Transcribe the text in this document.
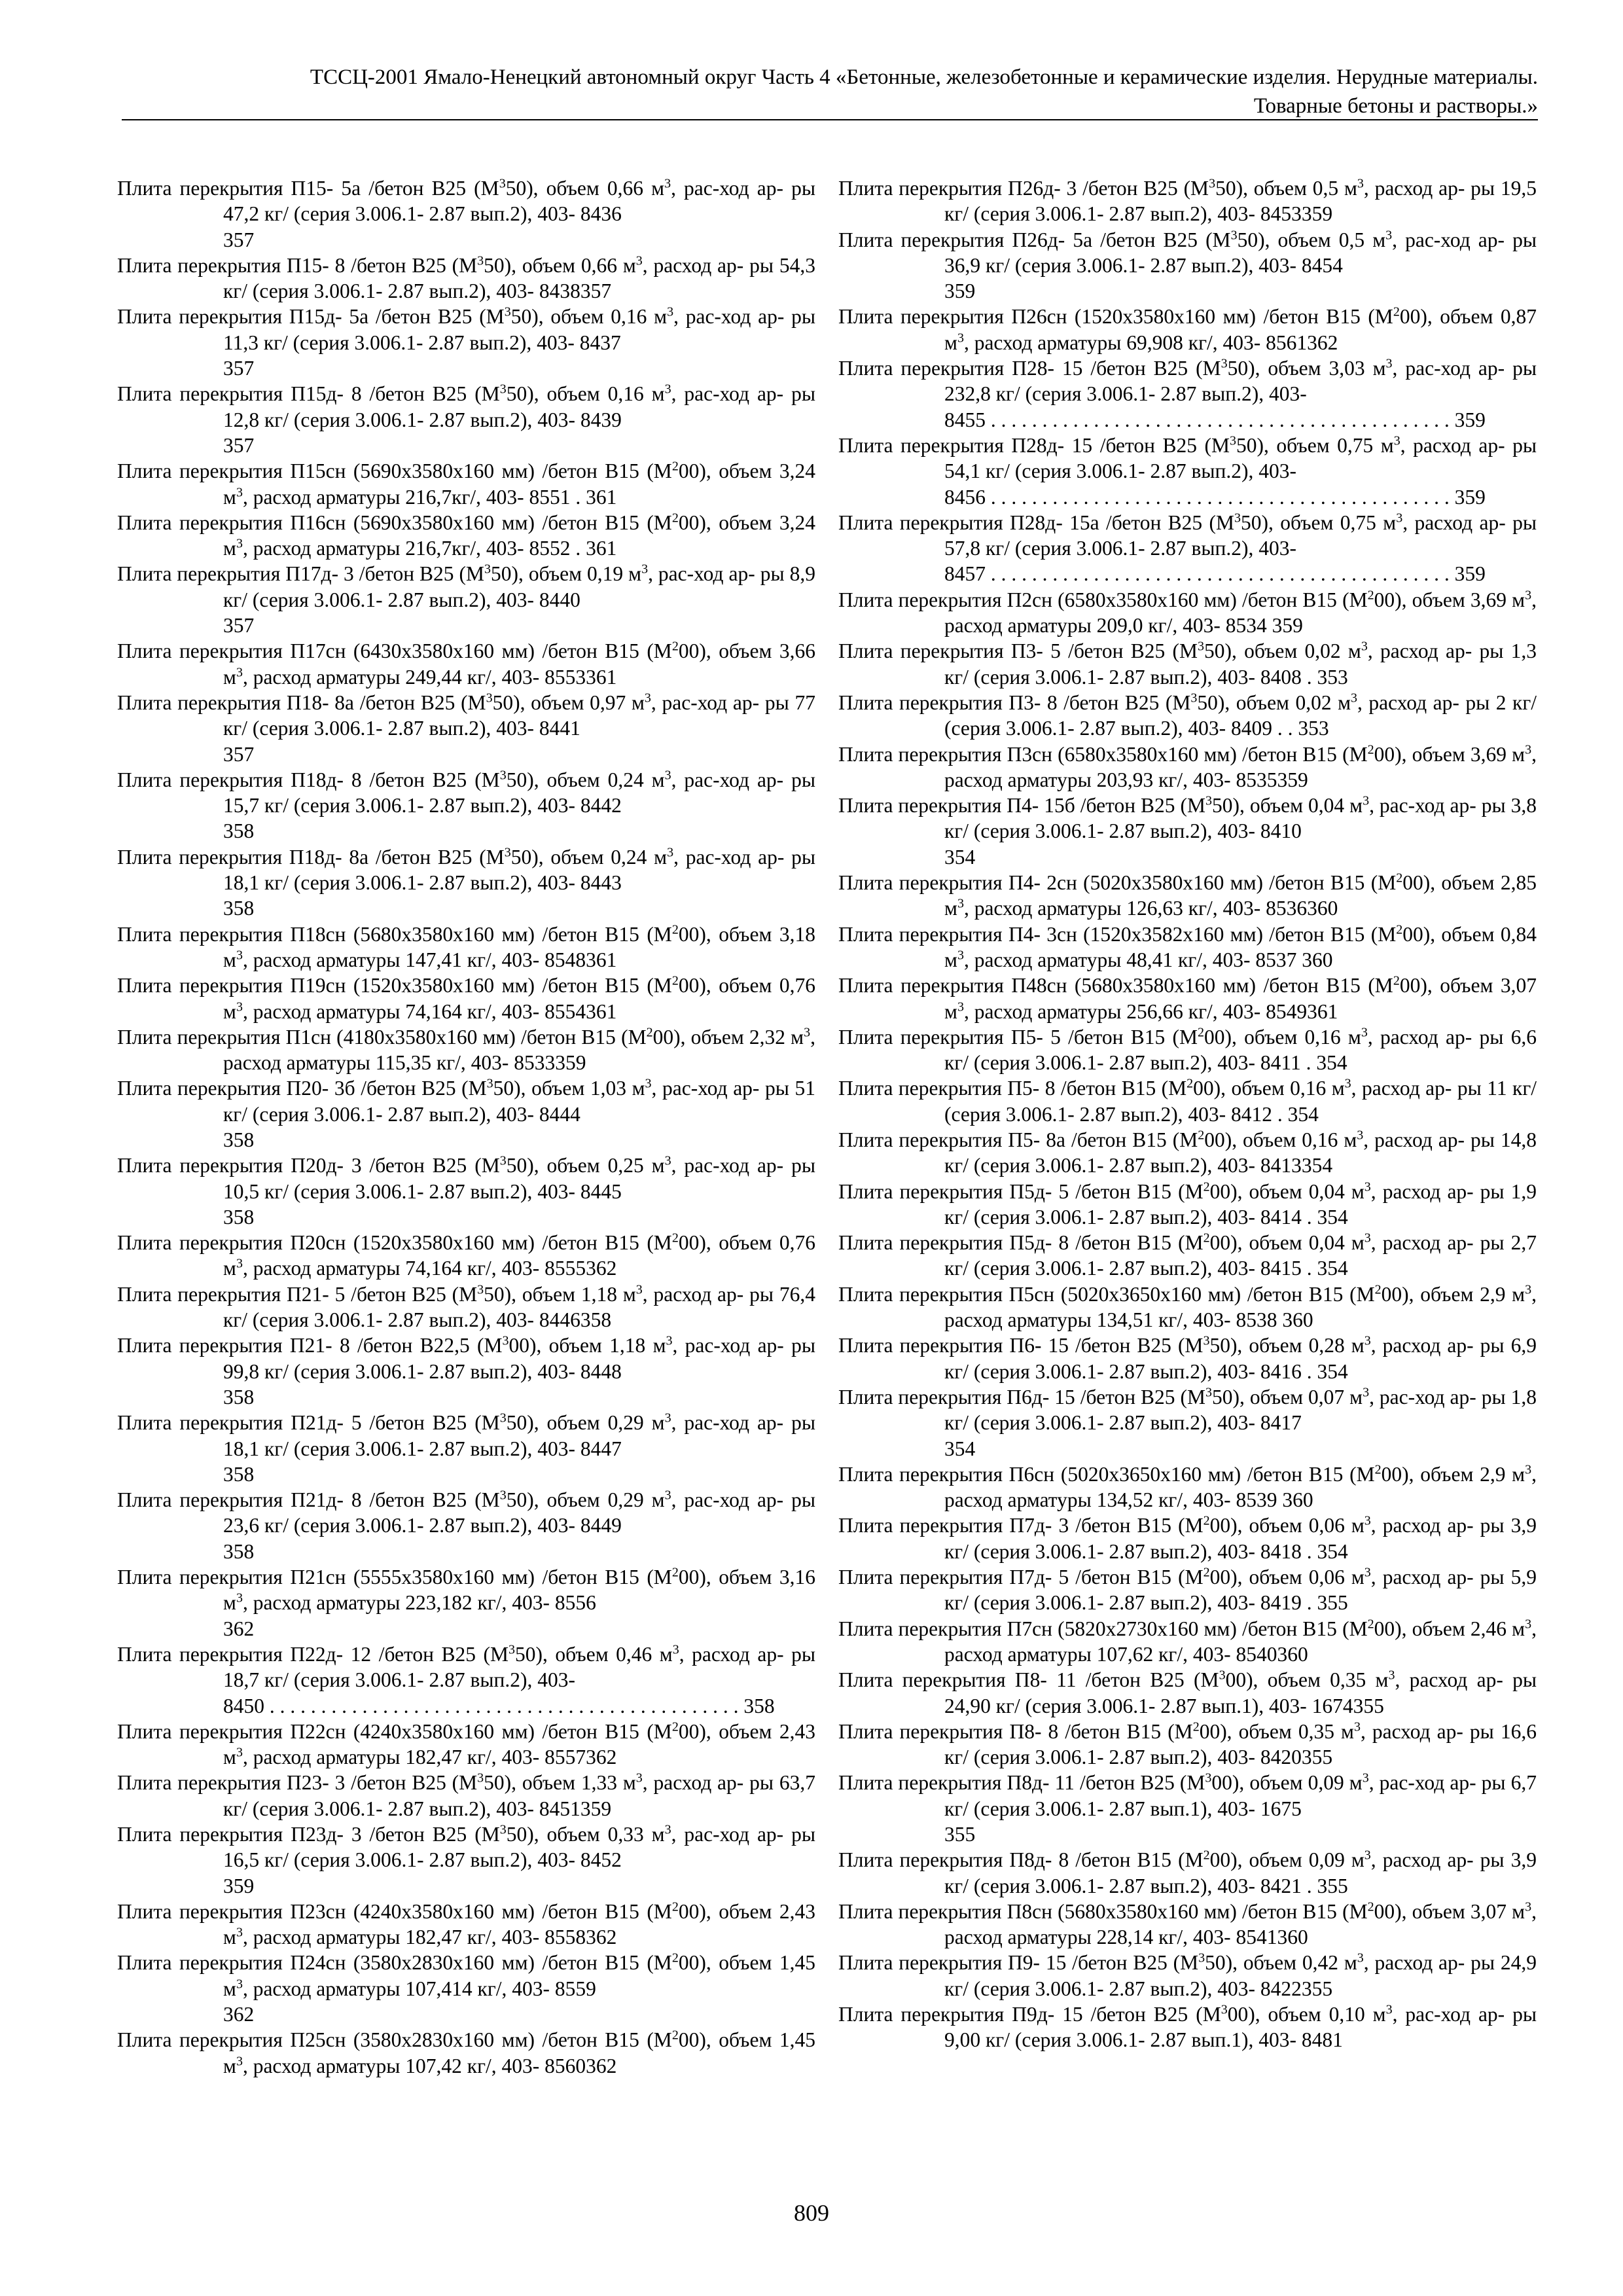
ТССЦ-2001 Ямало-Ненецкий автономный округ Часть 4 «Бетонные, железобетонные и керамические изделия. Нерудные материалы.
Товарные бетоны и растворы.»
Плита перекрытия П15- 5а /бетон В25 $(М^350)$, объем 0,66 $м^3$, рас-ход ар- ры 47,2 кг/ (серия 3.006.1- 2.87 вып.2), 403- 8436
357
Плита перекрытия П15- 8 /бетон В25 $(М^350)$, объем 0,66 $м^3$, расход ар- ры 54,3 кг/ (серия 3.006.1- 2.87 вып.2), 403- 8438357
Плита перекрытия П15д- 5а /бетон В25 $(М^350)$, объем 0,16 $м^3$, рас-ход ар- ры 11,3 кг/ (серия 3.006.1- 2.87 вып.2), 403- 8437
357
Плита перекрытия П15д- 8 /бетон В25 $(М^350)$, объем 0,16 $м^3$, рас-ход ар- ры 12,8 кг/ (серия 3.006.1- 2.87 вып.2), 403- 8439
357
Плита перекрытия П15сн (5690x3580x160 мм) /бетон В15 $(М^200)$, объем 3,24 $м^3$, расход арматуры 216,7кг/, 403- 8551 . 361
Плита перекрытия П16сн (5690x3580x160 мм) /бетон В15 $(М^200)$, объем 3,24 $м^3$, расход арматуры 216,7кг/, 403- 8552 . 361
Плита перекрытия П17д- 3 /бетон В25 $(М^350)$, объем 0,19 $м^3$, рас-ход ар- ры 8,9 кг/ (серия 3.006.1- 2.87 вып.2), 403- 8440
357
Плита перекрытия П17сн (6430x3580x160 мм) /бетон В15 $(М^200)$, объем 3,66 $м^3$, расход арматуры 249,44 кг/, 403- 8553361
Плита перекрытия П18- 8а /бетон В25 $(М^350)$, объем 0,97 $м^3$, рас-ход ар- ры 77 кг/ (серия 3.006.1- 2.87 вып.2), 403- 8441
357
Плита перекрытия П18д- 8 /бетон В25 $(М^350)$, объем 0,24 $м^3$, рас-ход ар- ры 15,7 кг/ (серия 3.006.1- 2.87 вып.2), 403- 8442
358
Плита перекрытия П18д- 8а /бетон В25 $(М^350)$, объем 0,24 $м^3$, рас-ход ар- ры 18,1 кг/ (серия 3.006.1- 2.87 вып.2), 403- 8443
358
Плита перекрытия П18сн (5680x3580x160 мм) /бетон В15 $(М^200)$, объем 3,18 $м^3$, расход арматуры 147,41 кг/, 403- 8548361
Плита перекрытия П19сн (1520x3580x160 мм) /бетон В15 $(М^200)$, объем 0,76 $м^3$, расход арматуры 74,164 кг/, 403- 8554361
Плита перекрытия П1сн (4180x3580x160 мм) /бетон В15 $(М^200)$, объем 2,32 $м^3$, расход арматуры 115,35 кг/, 403- 8533359
Плита перекрытия П20- 3б /бетон В25 $(М^350)$, объем 1,03 $м^3$, рас-ход ар- ры 51 кг/ (серия 3.006.1- 2.87 вып.2), 403- 8444
358
Плита перекрытия П20д- 3 /бетон В25 $(М^350)$, объем 0,25 $м^3$, рас-ход ар- ры 10,5 кг/ (серия 3.006.1- 2.87 вып.2), 403- 8445
358
Плита перекрытия П20сн (1520x3580x160 мм) /бетон В15 $(М^200)$, объем 0,76 $м^3$, расход арматуры 74,164 кг/, 403- 8555362
Плита перекрытия П21- 5 /бетон В25 $(М^350)$, объем 1,18 $м^3$, расход ар- ры 76,4 кг/ (серия 3.006.1- 2.87 вып.2), 403- 8446358
Плита перекрытия П21- 8 /бетон В22,5 $(М^300)$, объем 1,18 $м^3$, рас-ход ар- ры 99,8 кг/ (серия 3.006.1- 2.87 вып.2), 403- 8448
358
Плита перекрытия П21д- 5 /бетон В25 $(М^350)$, объем 0,29 $м^3$, рас-ход ар- ры 18,1 кг/ (серия 3.006.1- 2.87 вып.2), 403- 8447
358
Плита перекрытия П21д- 8 /бетон В25 $(М^350)$, объем 0,29 $м^3$, рас-ход ар- ры 23,6 кг/ (серия 3.006.1- 2.87 вып.2), 403- 8449
358
Плита перекрытия П21сн (5555x3580x160 мм) /бетон В15 $(М^200)$, объем 3,16 $м^3$, расход арматуры 223,182 кг/, 403- 8556
362
Плита перекрытия П22д- 12 /бетон В25 $(М^350)$, объем 0,46 $м^3$, расход ар- ры 18,7 кг/ (серия 3.006.1- 2.87 вып.2), 403-
8450 . . . . . . . . . . . . . . . . . . . . . . . . . . . . . . . . . . . . . . . . . . . . . . 358
Плита перекрытия П22сн (4240x3580x160 мм) /бетон В15 $(М^200)$, объем 2,43 $м^3$, расход арматуры 182,47 кг/, 403- 8557362
Плита перекрытия П23- 3 /бетон В25 $(М^350)$, объем 1,33 $м^3$, расход ар- ры 63,7 кг/ (серия 3.006.1- 2.87 вып.2), 403- 8451359
Плита перекрытия П23д- 3 /бетон В25 $(М^350)$, объем 0,33 $м^3$, рас-ход ар- ры 16,5 кг/ (серия 3.006.1- 2.87 вып.2), 403- 8452
359
Плита перекрытия П23сн (4240x3580x160 мм) /бетон В15 $(М^200)$, объем 2,43 $м^3$, расход арматуры 182,47 кг/, 403- 8558362
Плита перекрытия П24сн (3580x2830x160 мм) /бетон В15 $(М^200)$, объем 1,45 $м^3$, расход арматуры 107,414 кг/, 403- 8559
362
Плита перекрытия П25сн (3580x2830x160 мм) /бетон В15 $(М^200)$, объем 1,45 $м^3$, расход арматуры 107,42 кг/, 403- 8560362
Плита перекрытия П26д- 3 /бетон В25 $(М^350)$, объем 0,5 $м^3$, расход ар- ры 19,5 кг/ (серия 3.006.1- 2.87 вып.2), 403- 8453359
Плита перекрытия П26д- 5а /бетон В25 $(М^350)$, объем 0,5 $м^3$, рас-ход ар- ры 36,9 кг/ (серия 3.006.1- 2.87 вып.2), 403- 8454
359
Плита перекрытия П26сн (1520x3580x160 мм) /бетон В15 $(М^200)$, объем 0,87 $м^3$, расход арматуры 69,908 кг/, 403- 8561362
Плита перекрытия П28- 15 /бетон В25 $(М^350)$, объем 3,03 $м^3$, рас-ход ар- ры 232,8 кг/ (серия 3.006.1- 2.87 вып.2), 403-
8455 . . . . . . . . . . . . . . . . . . . . . . . . . . . . . . . . . . . . . . . . . . . . . 359
Плита перекрытия П28д- 15 /бетон В25 $(М^350)$, объем 0,75 $м^3$, расход ар- ры 54,1 кг/ (серия 3.006.1- 2.87 вып.2), 403-
8456 . . . . . . . . . . . . . . . . . . . . . . . . . . . . . . . . . . . . . . . . . . . . . 359
Плита перекрытия П28д- 15а /бетон В25 $(М^350)$, объем 0,75 $м^3$, расход ар- ры 57,8 кг/ (серия 3.006.1- 2.87 вып.2), 403-
8457 . . . . . . . . . . . . . . . . . . . . . . . . . . . . . . . . . . . . . . . . . . . . . 359
Плита перекрытия П2сн (6580x3580x160 мм) /бетон В15 $(М^200)$, объем 3,69 $м^3$, расход арматуры 209,0 кг/, 403- 8534 359
Плита перекрытия П3- 5 /бетон В25 $(М^350)$, объем 0,02 $м^3$, расход ар- ры 1,3 кг/ (серия 3.006.1- 2.87 вып.2), 403- 8408 . 353
Плита перекрытия П3- 8 /бетон В25 $(М^350)$, объем 0,02 $м^3$, расход ар- ры 2 кг/ (серия 3.006.1- 2.87 вып.2), 403- 8409 . . 353
Плита перекрытия П3сн (6580x3580x160 мм) /бетон В15 $(М^200)$, объем 3,69 $м^3$, расход арматуры 203,93 кг/, 403- 8535359
Плита перекрытия П4- 15б /бетон В25 $(М^350)$, объем 0,04 $м^3$, рас-ход ар- ры 3,8 кг/ (серия 3.006.1- 2.87 вып.2), 403- 8410
354
Плита перекрытия П4- 2сн (5020x3580x160 мм) /бетон В15 $(М^200)$, объем 2,85 $м^3$, расход арматуры 126,63 кг/, 403- 8536360
Плита перекрытия П4- 3сн (1520x3582x160 мм) /бетон В15 $(М^200)$, объем 0,84 $м^3$, расход арматуры 48,41 кг/, 403- 8537 360
Плита перекрытия П48сн (5680x3580x160 мм) /бетон В15 $(М^200)$, объем 3,07 $м^3$, расход арматуры 256,66 кг/, 403- 8549361
Плита перекрытия П5- 5 /бетон В15 $(М^200)$, объем 0,16 $м^3$, расход ар- ры 6,6 кг/ (серия 3.006.1- 2.87 вып.2), 403- 8411 . 354
Плита перекрытия П5- 8 /бетон В15 $(М^200)$, объем 0,16 $м^3$, расход ар- ры 11 кг/ (серия 3.006.1- 2.87 вып.2), 403- 8412 . 354
Плита перекрытия П5- 8а /бетон В15 $(М^200)$, объем 0,16 $м^3$, расход ар- ры 14,8 кг/ (серия 3.006.1- 2.87 вып.2), 403- 8413354
Плита перекрытия П5д- 5 /бетон В15 $(М^200)$, объем 0,04 $м^3$, расход ар- ры 1,9 кг/ (серия 3.006.1- 2.87 вып.2), 403- 8414 . 354
Плита перекрытия П5д- 8 /бетон В15 $(М^200)$, объем 0,04 $м^3$, расход ар- ры 2,7 кг/ (серия 3.006.1- 2.87 вып.2), 403- 8415 . 354
Плита перекрытия П5сн (5020x3650x160 мм) /бетон В15 $(М^200)$, объем 2,9 $м^3$, расход арматуры 134,51 кг/, 403- 8538 360
Плита перекрытия П6- 15 /бетон В25 $(М^350)$, объем 0,28 $м^3$, расход ар- ры 6,9 кг/ (серия 3.006.1- 2.87 вып.2), 403- 8416 . 354
Плита перекрытия П6д- 15 /бетон В25 $(М^350)$, объем 0,07 $м^3$, рас-ход ар- ры 1,8 кг/ (серия 3.006.1- 2.87 вып.2), 403- 8417
354
Плита перекрытия П6сн (5020x3650x160 мм) /бетон В15 $(М^200)$, объем 2,9 $м^3$, расход арматуры 134,52 кг/, 403- 8539 360
Плита перекрытия П7д- 3 /бетон В15 $(М^200)$, объем 0,06 $м^3$, расход ар- ры 3,9 кг/ (серия 3.006.1- 2.87 вып.2), 403- 8418 . 354
Плита перекрытия П7д- 5 /бетон В15 $(М^200)$, объем 0,06 $м^3$, расход ар- ры 5,9 кг/ (серия 3.006.1- 2.87 вып.2), 403- 8419 . 355
Плита перекрытия П7сн (5820x2730x160 мм) /бетон В15 $(М^200)$, объем 2,46 $м^3$, расход арматуры 107,62 кг/, 403- 8540360
Плита перекрытия П8- 11 /бетон В25 $(М^300)$, объем 0,35 $м^3$, расход ар- ры 24,90 кг/ (серия 3.006.1- 2.87 вып.1), 403- 1674355
Плита перекрытия П8- 8 /бетон В15 $(М^200)$, объем 0,35 $м^3$, расход ар- ры 16,6 кг/ (серия 3.006.1- 2.87 вып.2), 403- 8420355
Плита перекрытия П8д- 11 /бетон В25 $(М^300)$, объем 0,09 $м^3$, рас-ход ар- ры 6,7 кг/ (серия 3.006.1- 2.87 вып.1), 403- 1675
355
Плита перекрытия П8д- 8 /бетон В15 $(М^200)$, объем 0,09 $м^3$, расход ар- ры 3,9 кг/ (серия 3.006.1- 2.87 вып.2), 403- 8421 . 355
Плита перекрытия П8сн (5680x3580x160 мм) /бетон В15 $(М^200)$, объем 3,07 $м^3$, расход арматуры 228,14 кг/, 403- 8541360
Плита перекрытия П9- 15 /бетон В25 $(М^350)$, объем 0,42 $м^3$, расход ар- ры 24,9 кг/ (серия 3.006.1- 2.87 вып.2), 403- 8422355
Плита перекрытия П9д- 15 /бетон В25 $(М^300)$, объем 0,10 $м^3$, рас-ход ар- ры 9,00 кг/ (серия 3.006.1- 2.87 вып.1), 403- 8481
809
